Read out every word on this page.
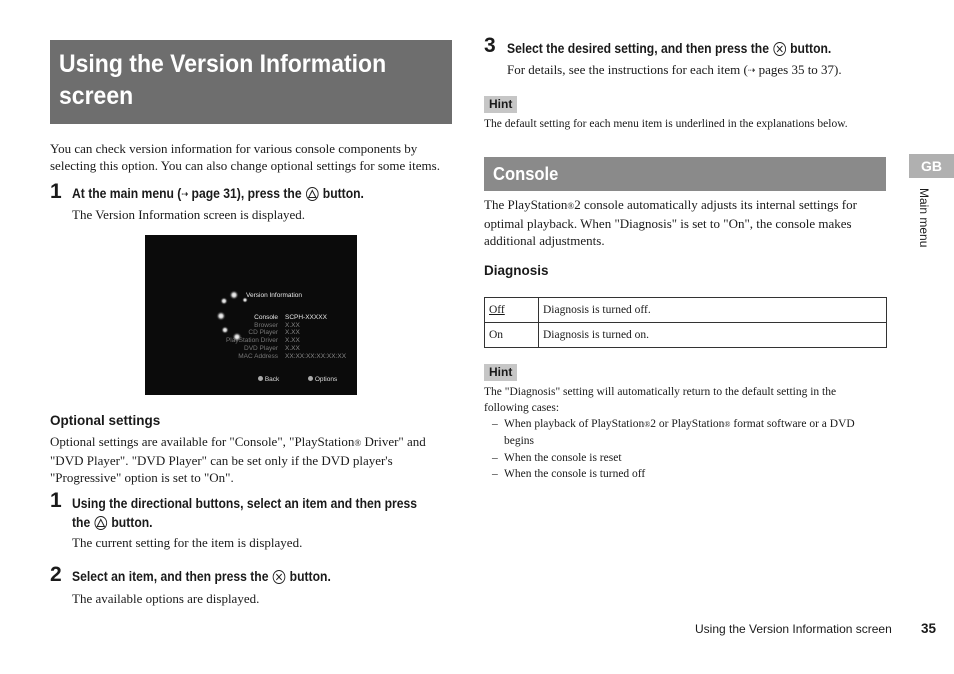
Using the Version Information
screen
You can check version information for various console components by
selecting this option. You can also change optional settings for some items.
1 At the main menu (⇢ page 31), press the
button.
The Version Information screen is displayed.
Version Information
Console SCPH-XXXXX
Browser X.XX
CD Player X.XX
PlayStation Driver X.XX
DVD Player X.XX
MAC Address XX:XX:XX:XX:XX:XX
Back	Options
Optional settings
Optional settings are available for "Console", "PlayStation® Driver" and
"DVD Player". "DVD Player" can be set only if the DVD player's
"Progressive" option is set to "On".
1 Using the directional buttons, select an item and then press
the
button.
The current setting for the item is displayed.
2 Select an item, and then press the
button.
The available options are displayed.
3 Select the desired setting, and then press the
button.
For details, see the instructions for each item (⇢ pages 35 to 37).
Hint
The default setting for each menu item is underlined in the explanations below.
Console
The PlayStation®2 console automatically adjusts its internal settings for
optimal playback. When "Diagnosis" is set to "On", the console makes
additional adjustments.
Diagnosis
Off	Diagnosis is turned off.
On	Diagnosis is turned on.
Hint
The "Diagnosis" setting will automatically return to the default setting in the
following cases:
– When playback of PlayStation®2 or PlayStation® format software or a DVD
begins
– When the console is reset
– When the console is turned off
GB
Main menu
Using the Version Information screen 35
